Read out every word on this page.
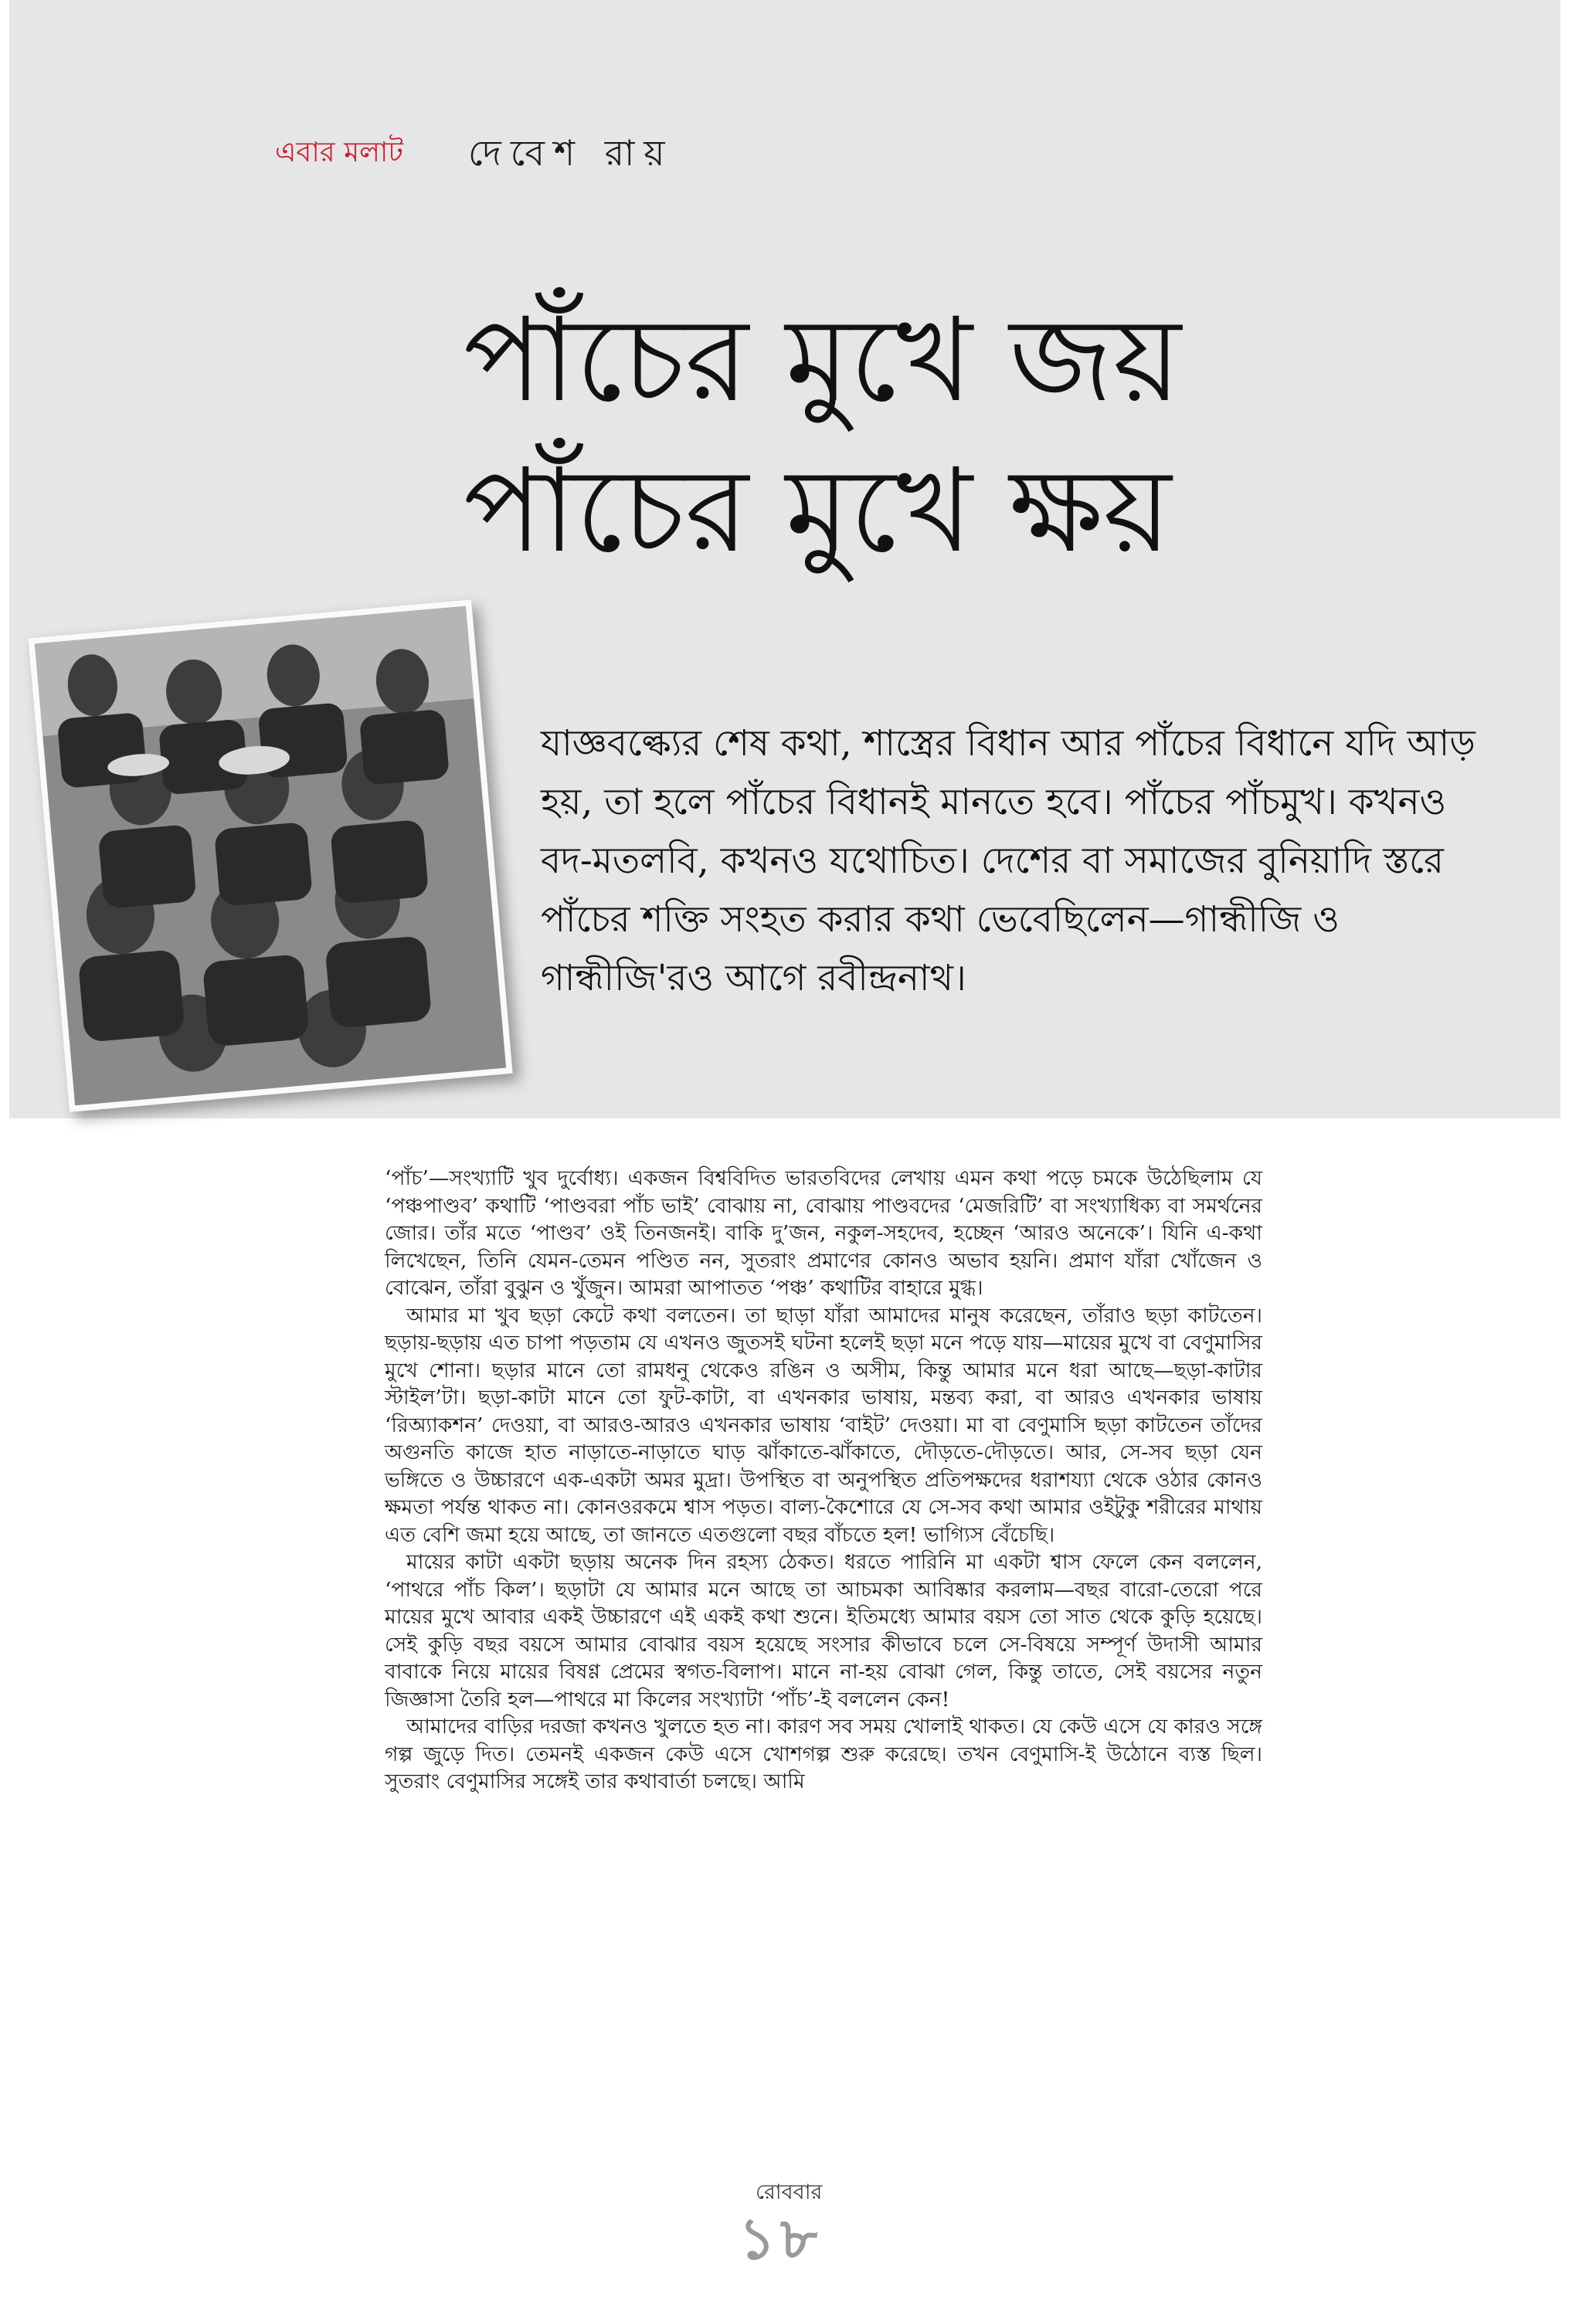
এবার মলাট দেবেশ রায়
পাঁচের মুখে জয়
পাঁচের মুখে ক্ষয়
যাজ্ঞবল্ক্যের শেষ কথা, শাস্ত্রের বিধান আর পাঁচের বিধানে যদি আড় হয়, তা হলে পাঁচের বিধানই মানতে হবে। পাঁচের পাঁচমুখ। কখনও বদ-মতলবি, কখনও যথোচিত। দেশের বা সমাজের বুনিয়াদি স্তরে পাঁচের শক্তি সংহত করার কথা ভেবেছিলেন—গান্ধীজি ও গান্ধীজি'রও আগে রবীন্দ্রনাথ।

‘পাঁচ’—সংখ্যাটি খুব দুর্বোধ্য। একজন বিশ্ববিদিত ভারতবিদের লেখায় এমন কথা পড়ে চমকে উঠেছিলাম যে ‘পঞ্চপাণ্ডব’ কথাটি ‘পাণ্ডবরা পাঁচ ভাই’ বোঝায় না, বোঝায় পাণ্ডবদের ‘মেজরিটি’ বা সংখ্যাধিক্য বা সমর্থনের জোর। তাঁর মতে ‘পাণ্ডব’ ওই তিনজনই। বাকি দু’জন, নকুল-সহদেব, হচ্ছেন ‘আরও অনেকে’। যিনি এ-কথা লিখেছেন, তিনি যেমন-তেমন পণ্ডিত নন, সুতরাং প্রমাণের কোনও অভাব হয়নি। প্রমাণ যাঁরা খোঁজেন ও বোঝেন, তাঁরা বুঝুন ও খুঁজুন। আমরা আপাতত ‘পঞ্চ’ কথাটির বাহারে মুগ্ধ।

আমার মা খুব ছড়া কেটে কথা বলতেন। তা ছাড়া যাঁরা আমাদের মানুষ করেছেন, তাঁরাও ছড়া কাটতেন। ছড়ায়-ছড়ায় এত চাপা পড়তাম যে এখনও জুতসই ঘটনা হলেই ছড়া মনে পড়ে যায়—মায়ের মুখে বা বেণুমাসির মুখে শোনা। ছড়ার মানে তো রামধনু থেকেও রঙিন ও অসীম, কিন্তু আমার মনে ধরা আছে—ছড়া-কাটার স্টাইল’টা। ছড়া-কাটা মানে তো ফুট-কাটা, বা এখনকার ভাষায়, মন্তব্য করা, বা আরও এখনকার ভাষায় ‘রিঅ্যাকশন’ দেওয়া, বা আরও-আরও এখনকার ভাষায় ‘বাইট’ দেওয়া। মা বা বেণুমাসি ছড়া কাটতেন তাঁদের অগুনতি কাজে হাত নাড়াতে-নাড়াতে ঘাড় ঝাঁকাতে-ঝাঁকাতে, দৌড়তে-দৌড়তে। আর, সে-সব ছড়া যেন ভঙ্গিতে ও উচ্চারণে এক-একটা অমর মুদ্রা। উপস্থিত বা অনুপস্থিত প্রতিপক্ষদের ধরাশয্যা থেকে ওঠার কোনও ক্ষমতা পর্যন্ত থাকত না। কোনওরকমে শ্বাস পড়ত। বাল্য-কৈশোরে যে সে-সব কথা আমার ওইটুকু শরীরের মাথায় এত বেশি জমা হয়ে আছে, তা জানতে এতগুলো বছর বাঁচতে হল! ভাগ্যিস বেঁচেছি।

মায়ের কাটা একটা ছড়ায় অনেক দিন রহস্য ঠেকত। ধরতে পারিনি মা একটা শ্বাস ফেলে কেন বললেন, ‘পাথরে পাঁচ কিল’। ছড়াটা যে আমার মনে আছে তা আচমকা আবিষ্কার করলাম—বছর বারো-তেরো পরে মায়ের মুখে আবার একই উচ্চারণে এই একই কথা শুনে। ইতিমধ্যে আমার বয়স তো সাত থেকে কুড়ি হয়েছে। সেই কুড়ি বছর বয়সে আমার বোঝার বয়স হয়েছে সংসার কীভাবে চলে সে-বিষয়ে সম্পূর্ণ উদাসী আমার বাবাকে নিয়ে মায়ের বিষণ্ণ প্রেমের স্বগত-বিলাপ। মানে না-হয় বোঝা গেল, কিন্তু তাতে, সেই বয়সের নতুন জিজ্ঞাসা তৈরি হল—পাথরে মা কিলের সংখ্যাটা ‘পাঁচ’-ই বললেন কেন!

আমাদের বাড়ির দরজা কখনও খুলতে হত না। কারণ সব সময় খোলাই থাকত। যে কেউ এসে যে কারও সঙ্গে গল্প জুড়ে দিত। তেমনই একজন কেউ এসে খোশগল্প শুরু করেছে। তখন বেণুমাসি-ই উঠোনে ব্যস্ত ছিল। সুতরাং বেণুমাসির সঙ্গেই তার কথাবার্তা চলছে। আমি

রোববার
১৮
